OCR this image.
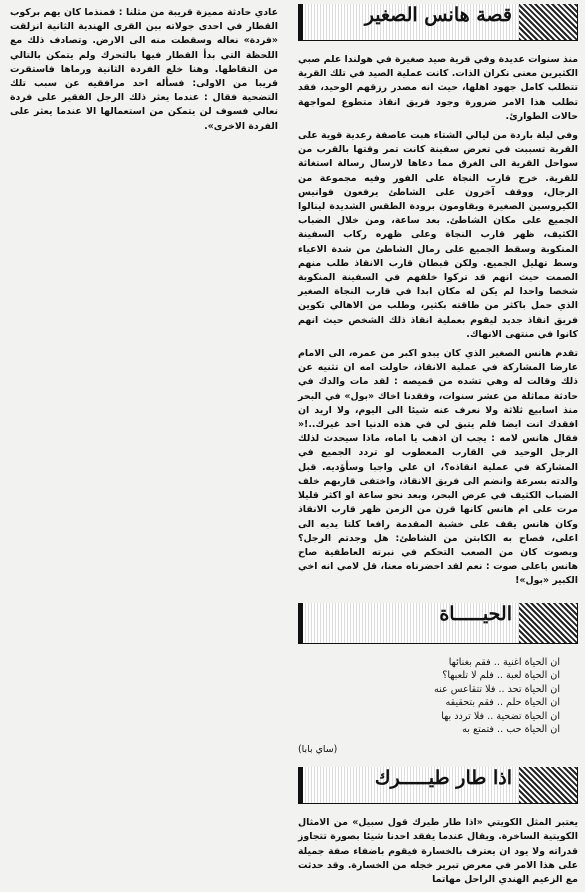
عادي حادثة مميزة قريبة من مثلنا : فمنذما كان يهم بركوب القطار في احدى جولاته بين القرى الهندية الثانية انزلقت «فردة» نعاله وسقطت منه الى الارض. وتصادف ذلك مع اللحظة التي بدأ القطار فيها بالتحرك ولم يتمكن بالتالي من التقاطها. وهنا خلع الفردة الثانية ورماها فاستقرت قريبا من الاولى: فسأله احد مرافقيه عن سبب تلك التضحية فقال : عندما يعثر ذلك الرجل الفقير على فردة نعالي فسوف لن يتمكن من استعمالها الا عندما يعثر على الفردة الاخرى».

قصة هانس الصغير

منذ سنوات عديدة وفي قرية صيد صغيرة في هولندا علم صبي الكثيرين معنى نكران الذات. كانت عملية الصيد في تلك القرية تتطلب كامل جهود اهلها، حيث انه مصدر رزقهم الوحيد، فقد تطلب هذا الامر ضرورة وجود فريق انقاذ متطوع لمواجهة حالات الطوارئ.

وفي ليلة باردة من ليالي الشتاء هبت عاصفة رعدية قوية على القرية تسببت في تعرض سفينة كانت تمر وقتها بالقرب من سواحل القرية الى الغرق مما دعاها لارسال رسالة استغاثة للقرية. خرج قارب النجاة على الفور وفيه مجموعة من الرجال، ووقف آخرون على الشاطئ يرفعون فوانيس الكيروسين الصغيرة ويقاومون برودة الطقس الشديدة لينالوا الجميع على مكان الشاطئ. بعد ساعة، ومن خلال الضباب الكثيف، ظهر قارب النجاة وعلى ظهره ركاب السفينة المنكوبة وسقط الجميع على رمال الشاطئ من شدة الاعياء وسط تهليل الجميع. ولكن قبطان قارب الانقاذ طلب منهم الصمت حيث انهم قد تركوا خلفهم في السفينة المنكوبة شخصا واحدا لم يكن له مكان ابدا في قارب النجاة الصغير الذي حمل باكثر من طاقته بكثير، وطلب من الاهالي تكوين فريق انقاذ جديد ليقوم بعملية انقاذ ذلك الشخص حيث انهم كانوا في منتهى الانهاك.

تقدم هانس الصغير الذي كان يبدو اكبر من عمره، الى الامام عارضا المشاركة في عملية الانقاذ، حاولت امه ان تثنيه عن ذلك وقالت له وهي تشده من قميصه : لقد مات والدك في حادثة مماثلة من عشر سنوات، وفقدنا اخاك «بول» في البحر منذ اسابيع ثلاثة ولا نعرف عنه شيئا الى اليوم، ولا اريد ان افقدك انت ايضا فلم يتبق لي في هذه الدنيا احد غيرك..!« فقال هانس لامه : يجب ان اذهب يا اماه، ماذا سيحدث لذلك الرجل الوحيد في القارب المعطوب لو تردد الجميع في المشاركة في عملية انقاذه؟، ان علي واجبا وسأؤديه. قبل والدته بسرعة وانضم الى فريق الانقاذ، واختفى قاربهم خلف الضباب الكثيف في عرض البحر، وبعد نحو ساعة او اكثر قليلا مرت على ام هانس كانها قرن من الزمن ظهر قارب الانقاذ وكان هانس يقف على خشبة المقدمة رافعا كلتا يديه الى اعلى، فصاح به الكابتن من الشاطئ: هل وجدتم الرجل؟ وبصوت كان من الصعب التحكم في نبرته العاطفية صاح هانس باعلى صوت : نعم لقد احضرناه معنا، قل لامي انه اخي الكبير «بول»!

الحيـــــاة
ان الحياة اغنية .. فقم بغنائها
ان الحياة لعبة .. فلم لا تلعبها؟
ان الحياة تحد .. فلا تتقاعس عنه
ان الحياة حلم .. فقم بتحقيقه
ان الحياة تضحية .. فلا تردد بها
ان الحياة حب .. فتمتع به
(ساي بابا)
اذا طار طيـــــرك

يعتبر المثل الكويتي «اذا طار طيرك قول سبيل» من الامثال الكويتية الساخرة. ويقال عندما يفقد احدنا شيئا بصورة تتجاوز قدراته ولا يود ان يعترف بالخسارة فيقوم باضفاء صفة جميلة على هذا الامر في معرض تبرير خجله من الخسارة. وقد حدثت مع الزعيم الهندي الراحل مهاتما
